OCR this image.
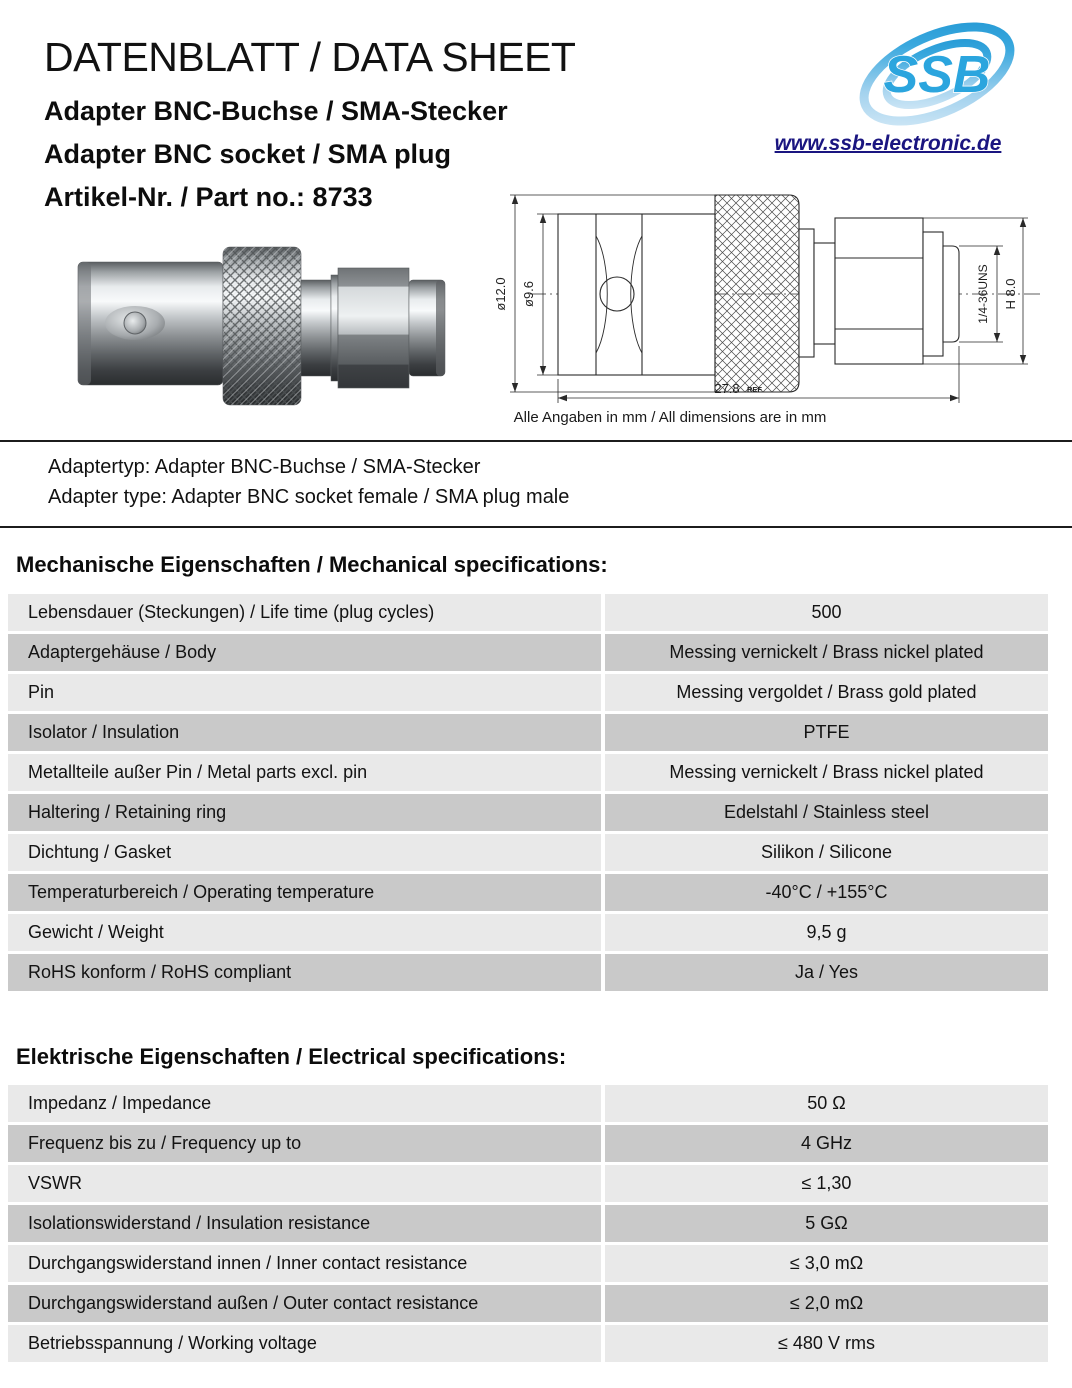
DATENBLATT / DATA SHEET
Adapter BNC-Buchse / SMA-Stecker
Adapter BNC socket / SMA plug
Artikel-Nr. / Part no.: 8733
SSB
www.ssb-electronic.de
ø12.0 ø9.6	1/4-36UNS H 8.0
27.8 REF
Alle Angaben in mm / All dimensions are in mm
Adaptertyp: Adapter BNC-Buchse / SMA-Stecker
Adapter type: Adapter BNC socket female / SMA plug male
Mechanische Eigenschaften / Mechanical specifications:
Lebensdauer (Steckungen) / Life time (plug cycles)	500
Adaptergehäuse / Body	Messing vernickelt / Brass nickel plated
Pin	Messing vergoldet / Brass gold plated
Isolator / Insulation	PTFE
Metallteile außer Pin / Metal parts excl. pin	Messing vernickelt / Brass nickel plated
Haltering / Retaining ring	Edelstahl / Stainless steel
Dichtung / Gasket	Silikon / Silicone
Temperaturbereich / Operating temperature	-40°C / +155°C
Gewicht / Weight	9,5 g
RoHS konform / RoHS compliant	Ja / Yes
Elektrische Eigenschaften / Electrical specifications:
Impedanz / Impedance	50 Ω
Frequenz bis zu / Frequency up to	4 GHz
VSWR	≤ 1,30
Isolationswiderstand / Insulation resistance	5 GΩ
Durchgangswiderstand innen / Inner contact resistance	≤ 3,0 mΩ
Durchgangswiderstand außen / Outer contact resistance	≤ 2,0 mΩ
Betriebsspannung / Working voltage	≤ 480 V rms
